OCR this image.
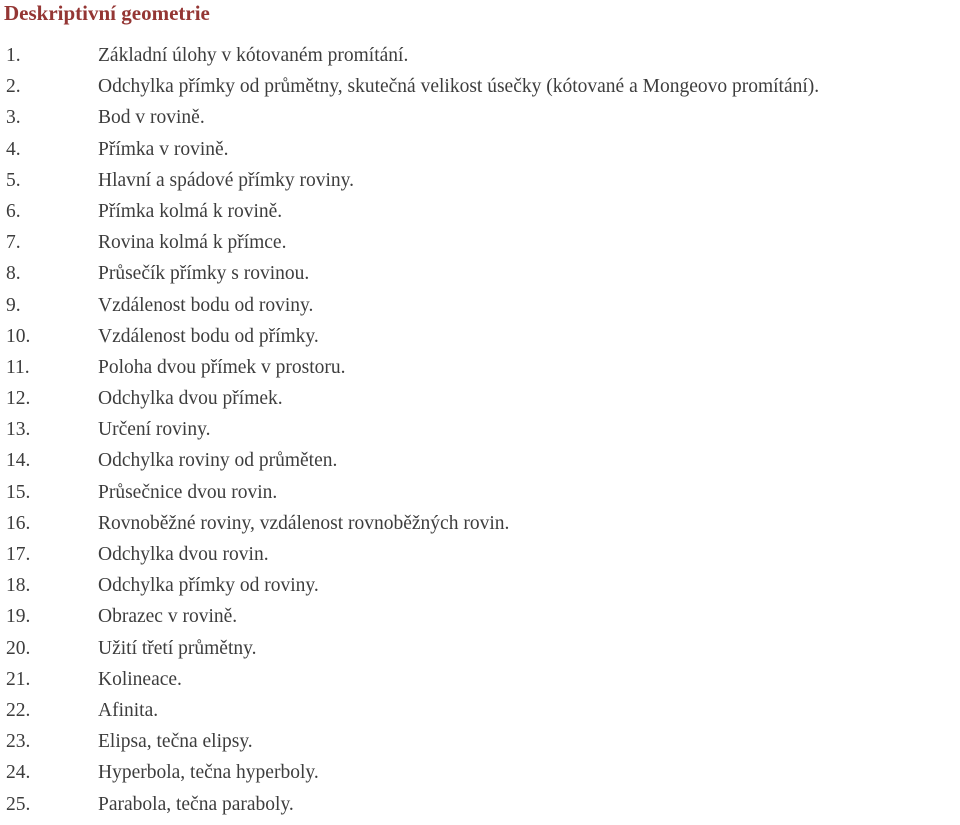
Deskriptivní geometrie
1.	Základní úlohy v kótovaném promítání.
2.	Odchylka přímky od průmětny, skutečná velikost úsečky (kótované a Mongeovo promítání).
3.	Bod v rovině.
4.	Přímka v rovině.
5.	Hlavní a spádové přímky roviny.
6.	Přímka kolmá k rovině.
7.	Rovina kolmá k přímce.
8.	Průsečík přímky s rovinou.
9.	Vzdálenost bodu od roviny.
10.	Vzdálenost bodu od přímky.
11.	Poloha dvou přímek v prostoru.
12.	Odchylka dvou přímek.
13.	Určení roviny.
14.	Odchylka roviny od průměten.
15.	Průsečnice dvou rovin.
16.	Rovnoběžné roviny, vzdálenost rovnoběžných rovin.
17.	Odchylka dvou rovin.
18.	Odchylka přímky od roviny.
19.	Obrazec v rovině.
20.	Užití třetí průmětny.
21.	Kolineace.
22.	Afinita.
23.	Elipsa, tečna elipsy.
24.	Hyperbola, tečna hyperboly.
25.	Parabola, tečna paraboly.
